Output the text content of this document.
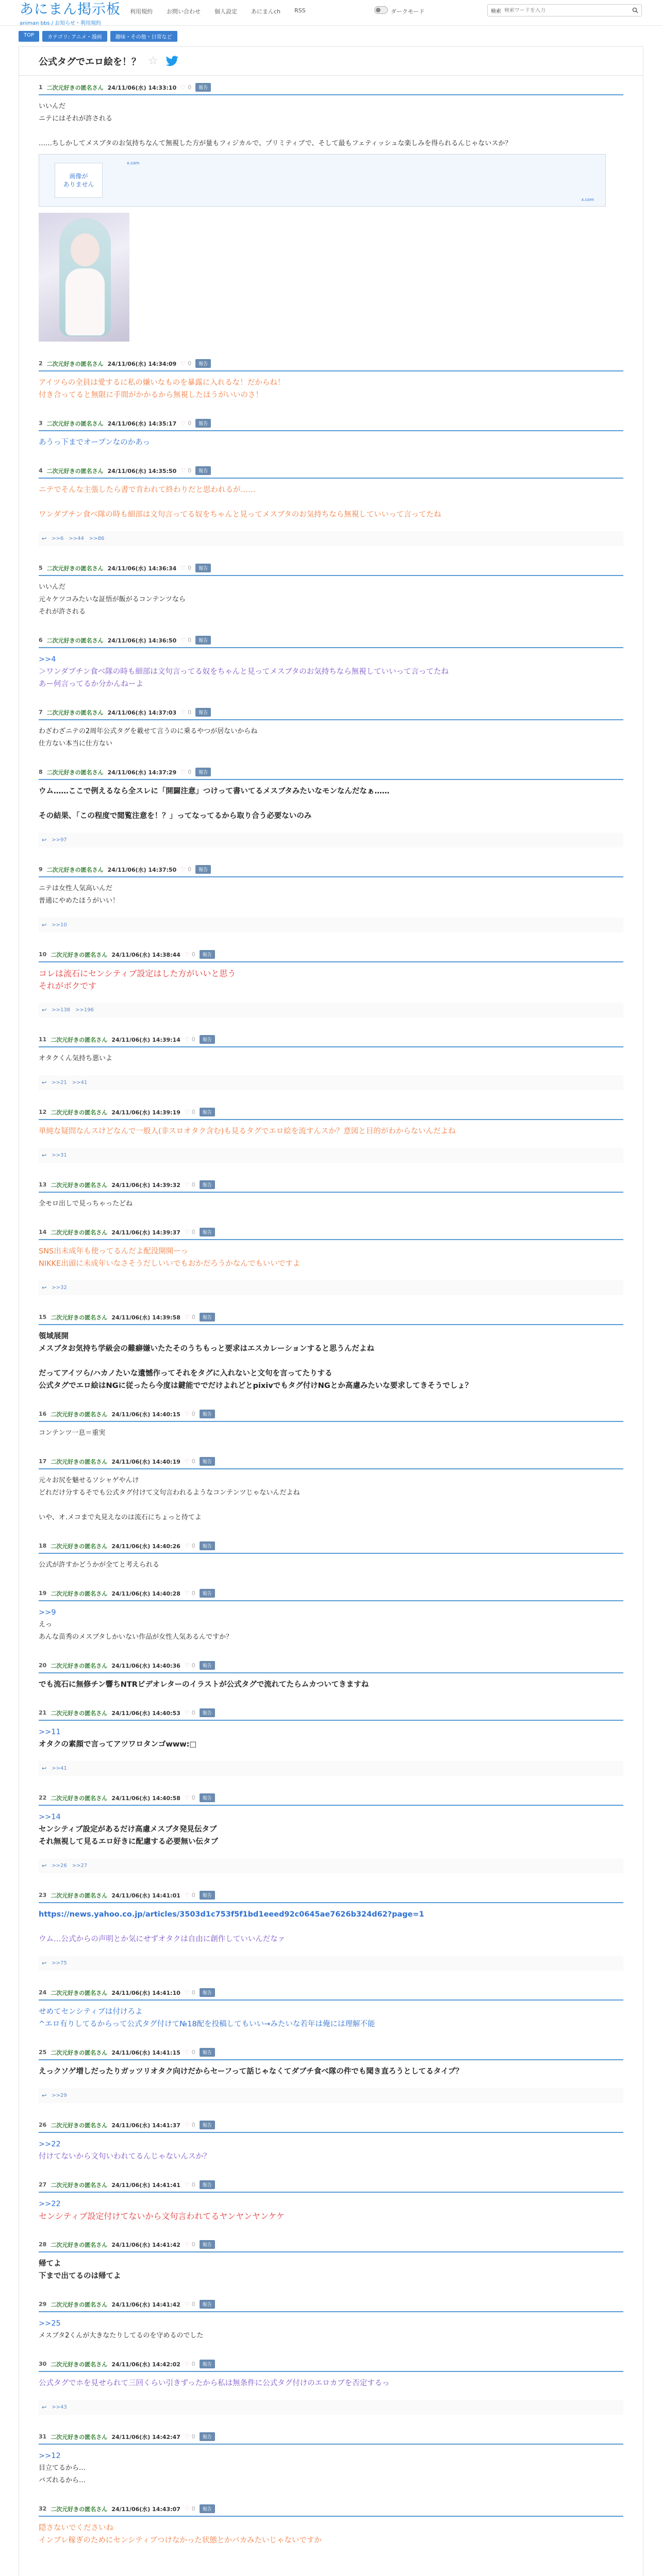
あにまん掲示板
animan bbs / お知らせ・利用規約
利用規約 お問い合わせ 個人設定 あにまんch RSS	ダークモード	検索
検索ワードを入力
TOP	カテゴリ: アニメ・漫画	趣味・その他・日常など
公式タグでエロ絵を！？ ☆
1 二次元好きの匿名さん 24/11/06(水) 14:33:10 ♡ 0	報告
いいんだ
ニテにはそれが許される
……ちしかしてメスブタのお気持ちなんて無視した方が量もフィジカルで、プリミティブで、そして最もフェティッシュな楽しみを得られるんじゃないスか？
画像が
ありません
x.com
x.com
2 二次元好きの匿名さん 24/11/06(水) 14:34:09 ♡ 0	報告
アイツらの全員は愛するに私の嫌いなものを暴露に入れるな！だからね！
付き合ってると無限に手間がかかるから無視したほうがいいのさ！
3 二次元好きの匿名さん 24/11/06(水) 14:35:17 ♡ 0	報告
あうっ下までオープンなのかあっ
4 二次元好きの匿名さん 24/11/06(水) 14:35:50 ♡ 0	報告
ニテでそんな主張したら書で肯われて終わりだと思われるが……
ワンダプチン食べ隊の時も細部は文句言ってる奴をちゃんと見ってメスブタのお気持ちなら無視していいって言ってたね
↩ >>6 >>44 >>86
5 二次元好きの匿名さん 24/11/06(水) 14:36:34 ♡ 0	報告
いいんだ
元々ケツコみたいな証悟が飯がるコンテンツなら
それが許される
6 二次元好きの匿名さん 24/11/06(水) 14:36:50 ♡ 0	報告
>>4
＞ワンダプチン食べ隊の時も細部は文句言ってる奴をちゃんと見ってメスブタのお気持ちなら無視していいって言ってたね
あー何言ってるか分かんねーよ
7 二次元好きの匿名さん 24/11/06(水) 14:37:03 ♡ 0	報告
わざわざニテの2周年公式タグを載せて言うのに乗るやつが居ないからね
仕方ない本当に仕方ない
8 二次元好きの匿名さん 24/11/06(水) 14:37:29 ♡ 0	報告
ウム……ここで例えるなら全スレに「開闢注意」つけって書いてるメスブタみたいなモンなんだなぁ……
その結果、「この程度で閲覧注意を！？」ってなってるから取り合う必要ないのみ
↩ >>97
9 二次元好きの匿名さん 24/11/06(水) 14:37:50 ♡ 0	報告
ニテは女性人気高いんだ
普通にやめたほうがいい！
↩ >>10
10 二次元好きの匿名さん 24/11/06(水) 14:38:44 ♡ 0	報告
コレは流石にセンシティブ設定はした方がいいと思う
それがボクです
↩ >>138 >>196
11 二次元好きの匿名さん 24/11/06(水) 14:39:14 ♡ 0	報告
オタクくん気持ち悪いよ
↩ >>21 >>41
12 二次元好きの匿名さん 24/11/06(水) 14:39:19 ♡ 0	報告
単純な疑問なんスけどなんで一般人(非スロオタク含む)も見るタグでエロ絵を流すんスか？意図と目的がわからないんだよね
↩ >>31
13 二次元好きの匿名さん 24/11/06(水) 14:39:32 ♡ 0	報告
全モロ出しで見っちゃったどね
14 二次元好きの匿名さん 24/11/06(水) 14:39:37 ♡ 0	報告
SNS出未成年も使ってるんだよ配没開開ーっ
NIKKE出頭に未成年いなさそうだしいいでもおかだろうかなんでもいいですよ
↩ >>32
15 二次元好きの匿名さん 24/11/06(水) 14:39:58 ♡ 0	報告
領域展開
メスブタお気持ち学級会の難癖嫌いたたそのうちもっと要求はエスカレーションすると思うんだよね
だってアイツら/ハカノたいな遺憾作ってそれをタグに入れないと文句を言ってたりする
公式タグでエロ絵はNGに従ったら今度は鍵能ででだけよれどとpixivでもタグ付けNGとか高慮みたいな要求してきそうでしょ？
16 二次元好きの匿名さん 24/11/06(水) 14:40:15 ♡ 0	報告
コンテンツ一息＝重実
17 二次元好きの匿名さん 24/11/06(水) 14:40:19 ♡ 0	報告
元々お尻を魅せるソシャゲやんけ
どれだけ分するそでも公式タグ付けて文句言われるようなコンテンツじゃないんだよね
いや、オ.メコまで丸見えなのは流石にちょっと待てよ
18 二次元好きの匿名さん 24/11/06(水) 14:40:26 ♡ 0	報告
公式が許すかどうかが全てと考えられる
19 二次元好きの匿名さん 24/11/06(水) 14:40:28 ♡ 0	報告
>>9
えっ
あんな苗秀のメスブタしかいない作品が女性人気あるんですか？
20 二次元好きの匿名さん 24/11/06(水) 14:40:36 ♡ 0	報告
でも流石に無修チン響ちNTRビデオレターのイラストが公式タグで流れてたらムカついてきますね
21 二次元好きの匿名さん 24/11/06(水) 14:40:53 ♡ 0	報告
>>11
オタクの素顔で言ってアツワロタンゴwww:□
↩ >>41
22 二次元好きの匿名さん 24/11/06(水) 14:40:58 ♡ 0	報告
>>14
センシティブ設定があるだけ高慮メスブタ発見伝タブ
それ無視して見るエロ好きに配慮する必要無い伝タブ
↩ >>26 >>27
23 二次元好きの匿名さん 24/11/06(水) 14:41:01 ♡ 0	報告
https://news.yahoo.co.jp/articles/3503d1c753f5f1bd1eeed92c0645ae7626b324d62?page=1
ウム…公式からの声明とか気にせずオタクは自由に創作していいんだなァ
↩ >>75
24 二次元好きの匿名さん 24/11/06(水) 14:41:10 ♡ 0	報告
せめてセンシティブは付けろよ
^エロ有りしてるからって公式タグ付けて№18配を投稿してもいい→みたいな若年は俺には理解不能
25 二次元好きの匿名さん 24/11/06(水) 14:41:15 ♡ 0	報告
えっクソゲ増しだったりガッツリオタク向けだからセーフって話じゃなくてダブチ食べ隊の件でも聞き直ろうとしてるタイプ？
↩ >>29
26 二次元好きの匿名さん 24/11/06(水) 14:41:37 ♡ 0	報告
>>22
付けてないから文句いわれてるんじゃないんスか？
27 二次元好きの匿名さん 24/11/06(水) 14:41:41 ♡ 0	報告
>>22
センシティブ設定付けてないから文句言われてるヤンヤンヤンケケ
28 二次元好きの匿名さん 24/11/06(水) 14:41:42 ♡ 0	報告
帰てよ
下まで出てるのは帰てよ
29 二次元好きの匿名さん 24/11/06(水) 14:41:42 ♡ 0	報告
>>25
メスブタ2くんが大きなたりしてるのを守めるのでした
30 二次元好きの匿名さん 24/11/06(水) 14:42:02 ♡ 0	報告
公式タグでホを見せられて三回くらい引きずったから私は無条件に公式タグ付けのエロカブを否定するっ
↩ >>43
31 二次元好きの匿名さん 24/11/06(水) 14:42:47 ♡ 0	報告
>>12
目立てるから…
バズれるから…
32 二次元好きの匿名さん 24/11/06(水) 14:43:07 ♡ 0	報告
隠さないでくださいね
インブレ稼ぎのためにセンシティブつけなかった状態とかバカみたいじゃないですか
